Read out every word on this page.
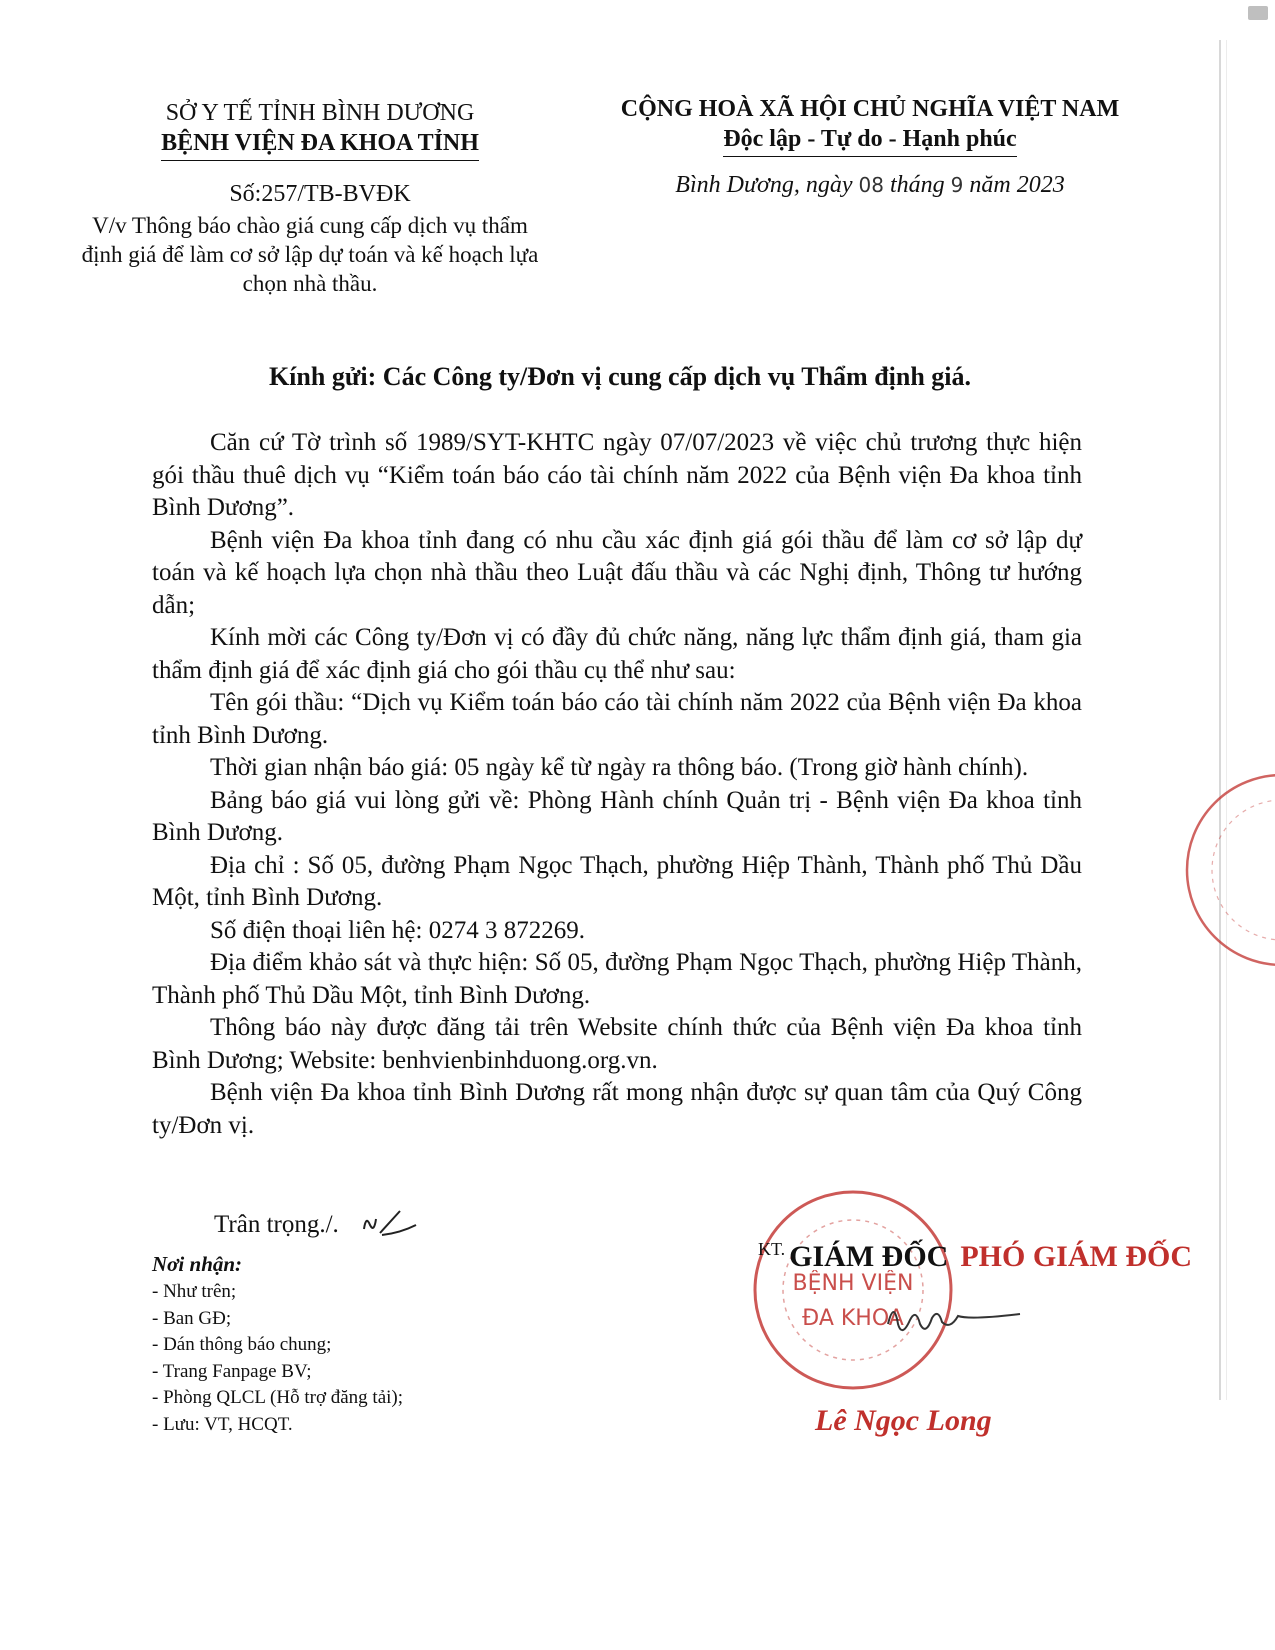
SỞ Y TẾ TỈNH BÌNH DƯƠNG
BỆNH VIỆN ĐA KHOA TỈNH
Số:257/TB-BVĐK
V/v Thông báo chào giá cung cấp dịch vụ thẩm định giá để làm cơ sở lập dự toán và kế hoạch lựa chọn nhà thầu.
CỘNG HOÀ XÃ HỘI CHỦ NGHĨA VIỆT NAM
Độc lập - Tự do - Hạnh phúc
Bình Dương, ngày 08 tháng 9 năm 2023
Kính gửi: Các Công ty/Đơn vị cung cấp dịch vụ Thẩm định giá.

Căn cứ Tờ trình số 1989/SYT-KHTC ngày 07/07/2023 về việc chủ trương thực hiện gói thầu thuê dịch vụ “Kiểm toán báo cáo tài chính năm 2022 của Bệnh viện Đa khoa tỉnh Bình Dương”.

Bệnh viện Đa khoa tỉnh đang có nhu cầu xác định giá gói thầu để làm cơ sở lập dự toán và kế hoạch lựa chọn nhà thầu theo Luật đấu thầu và các Nghị định, Thông tư hướng dẫn;

Kính mời các Công ty/Đơn vị có đầy đủ chức năng, năng lực thẩm định giá, tham gia thẩm định giá để xác định giá cho gói thầu cụ thể như sau:

Tên gói thầu: “Dịch vụ Kiểm toán báo cáo tài chính năm 2022 của Bệnh viện Đa khoa tỉnh Bình Dương.

Thời gian nhận báo giá: 05 ngày kể từ ngày ra thông báo. (Trong giờ hành chính).

Bảng báo giá vui lòng gửi về: Phòng Hành chính Quản trị - Bệnh viện Đa khoa tỉnh Bình Dương.

Địa chỉ : Số 05, đường Phạm Ngọc Thạch, phường Hiệp Thành, Thành phố Thủ Dầu Một, tỉnh Bình Dương.

Số điện thoại liên hệ: 0274 3 872269.

Địa điểm khảo sát và thực hiện: Số 05, đường Phạm Ngọc Thạch, phường Hiệp Thành, Thành phố Thủ Dầu Một, tỉnh Bình Dương.

Thông báo này được đăng tải trên Website chính thức của Bệnh viện Đa khoa tỉnh Bình Dương; Website: benhvienbinhduong.org.vn.

Bệnh viện Đa khoa tỉnh Bình Dương rất mong nhận được sự quan tâm của Quý Công ty/Đơn vị.

Trân trọng./.
Nơi nhận:
- Như trên;
- Ban GĐ;
- Dán thông báo chung;
- Trang Fanpage BV;
- Phòng QLCL (Hỗ trợ đăng tải);
- Lưu: VT, HCQT.
BỆNH VIỆN
ĐA KHOA
$^{KT.}$ GIÁM ĐỐC PHÓ GIÁM ĐỐC
Lê Ngọc Long
